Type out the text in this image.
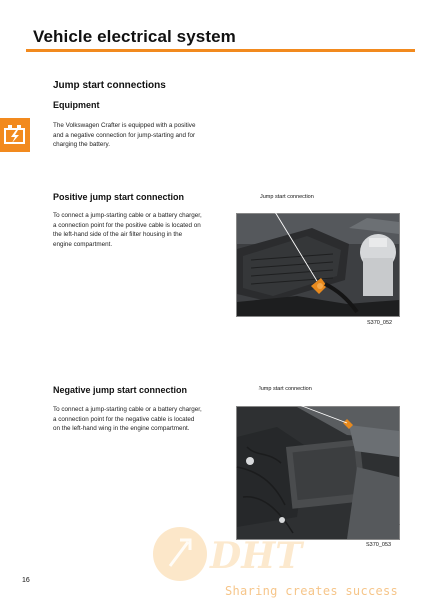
Vehicle electrical system
Jump start connections
Equipment
The Volkswagen Crafter is equipped with a positive
and a negative connection for jump-starting and for
charging the battery.
Positive jump start connection
To connect a jump-starting cable or a battery charger,
a connection point for the positive cable is located on
the left-hand side of the air filter housing in the
engine compartment.
Jump start connection
S370_052
Negative jump start connection
To connect a jump-starting cable or a battery charger,
a connection point for the negative cable is located
on the left-hand wing in the engine compartment.
Jump start connection
S370_053
16
DHT
Sharing creates success
